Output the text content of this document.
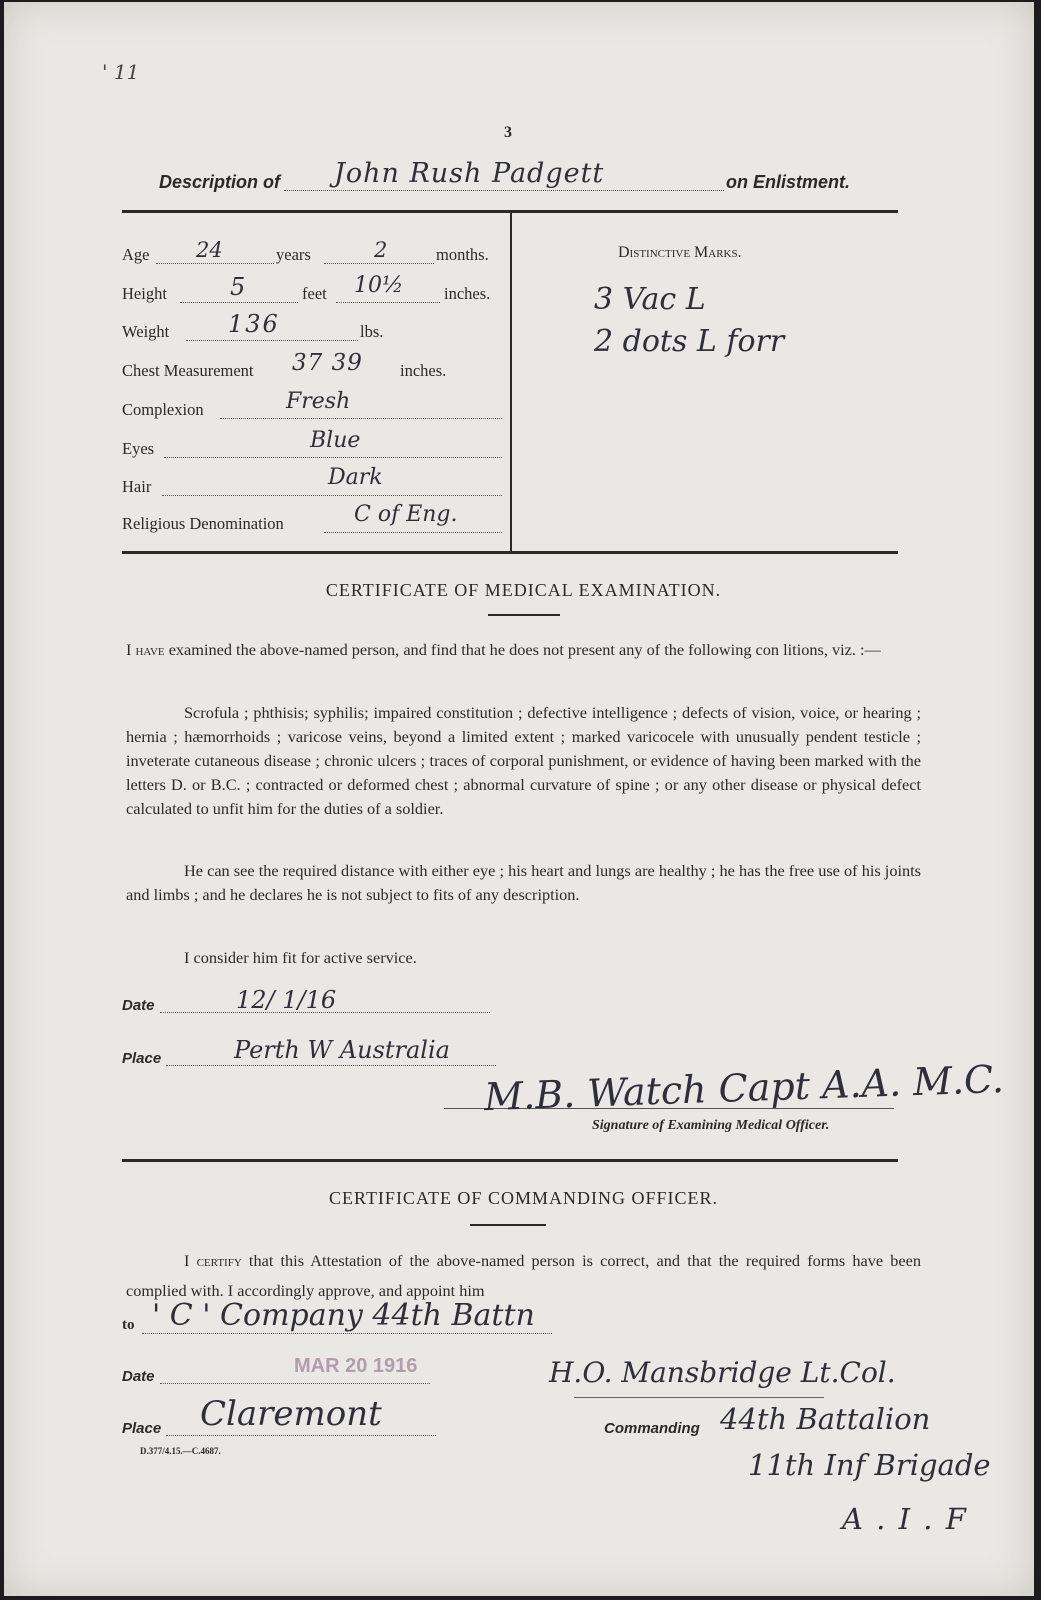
' 11
3
Description of John Rush Padgett	on Enlistment.
Age 24	years	2	months.
Height	5	feet 10½ inches.
Weight 136	lbs.
Chest Measurement 37 39 inches.
Complexion	Fresh
Eyes	Blue
Hair	Dark
Religious Denomination	C of Eng.
Distinctive Marks.
3 Vac L
2 dots L forr
CERTIFICATE OF MEDICAL EXAMINATION.
I have examined the above-named person, and find that he does not present any of the following con litions, viz. :—
Scrofula ; phthisis; syphilis; impaired constitution ; defective intelligence ; defects of vision, voice, or hearing ; hernia ; hæmorrhoids ; varicose veins, beyond a limited extent ; marked varicocele with unusually pendent testicle ; inveterate cutaneous disease ; chronic ulcers ; traces of corporal punishment, or evidence of having been marked with the letters D. or B.C. ; contracted or deformed chest ; abnormal curvature of spine ; or any other disease or physical defect calculated to unfit him for the duties of a soldier.
He can see the required distance with either eye ; his heart and lungs are healthy ; he has the free use of his joints and limbs ; and he declares he is not subject to fits of any description.
I consider him fit for active service.
Date	12/ 1/16
Place	Perth W Australia
M.B. Watch Capt A.A. M.C.
Signature of Examining Medical Officer.
CERTIFICATE OF COMMANDING OFFICER.
I certify that this Attestation of the above-named person is correct, and that the required forms have been complied with. I accordingly approve, and appoint him
to ' C ' Company 44th Battn
Date	MAR 20 1916	H.O. Mansbridge Lt.Col.
Place Claremont	Commanding 44th Battalion
D.377/4.15.—C.4687.	11th Inf Brigade
A . I . F
